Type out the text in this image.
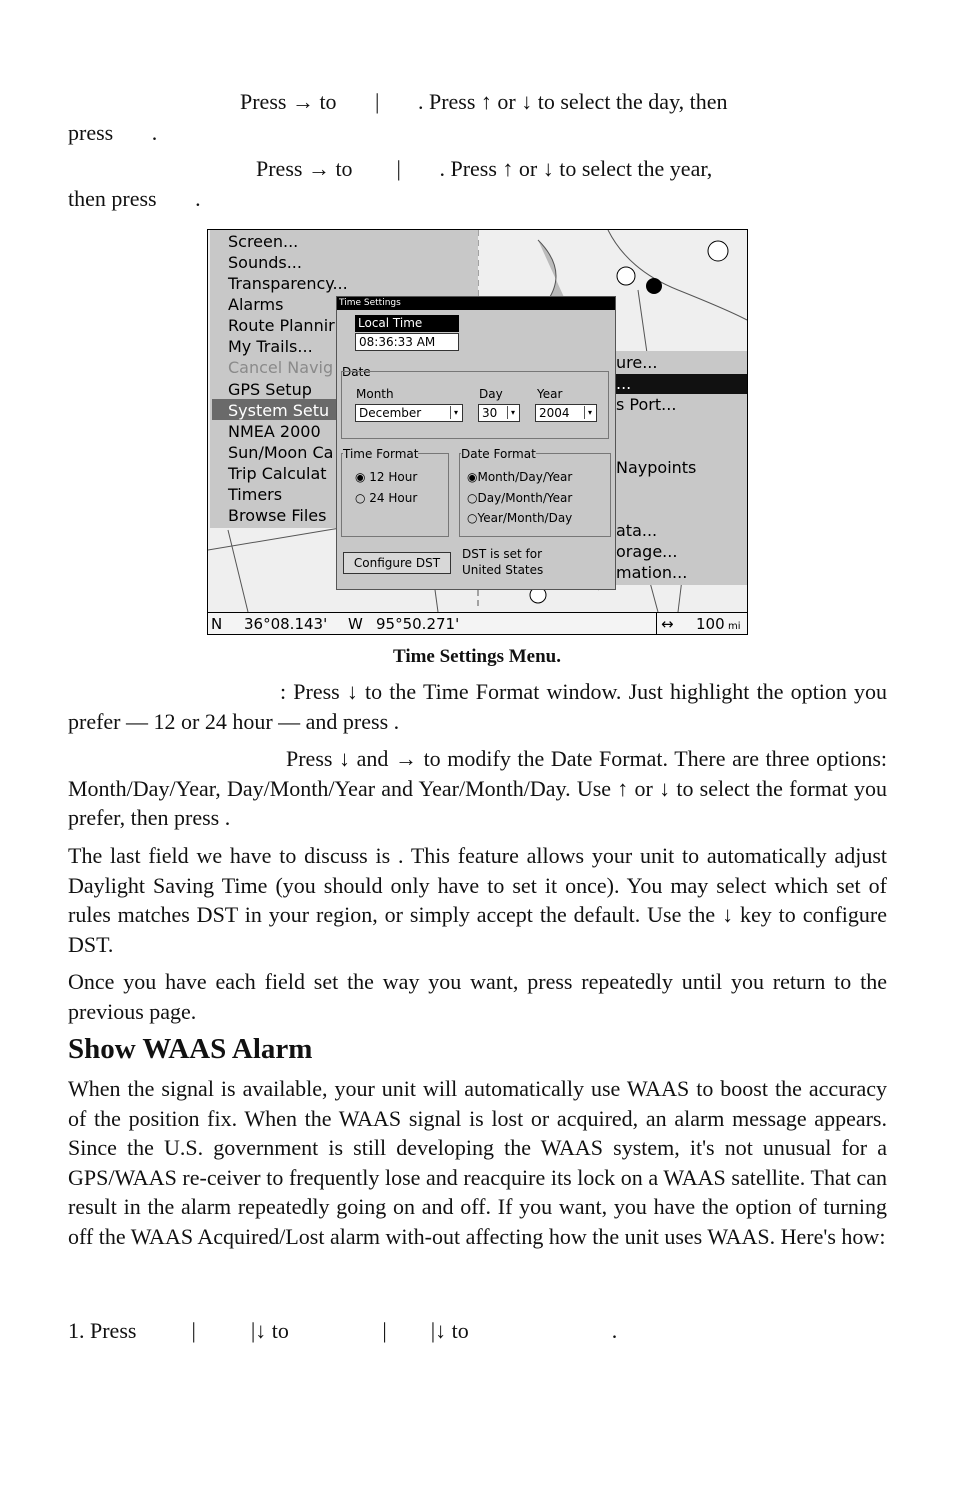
Press → to       |       . Press ↑ or ↓ to select the day, then
press       .
Press → to        |       . Press ↑ or ↓ to select the year,
then press       .
Screen...
Sounds...
Transparency...
Alarms
Route Plannir
My Trails...
Cancel Navig
GPS Setup
System Setu
NMEA 2000
Sun/Moon Ca
Trip Calculat
Timers
Browse Files
ure...
...
s Port...
Naypoints
ata...
orage...
mation...
Time Settings
Local Time
08:36:33 AM
Date
Month	Day	Year
December	▾	30	▾	2004	▾
Time Format
◉ 12 Hour
○ 24 Hour
Date Format
◉Month/Day/Year
○Day/Month/Year
○Year/Month/Day
Configure DST
DST is set for
United States
N 36°08.143' W 95°50.271'	↔ 100 mi
Time Settings Menu.
: Press ↓ to the Time Format window. Just highlight the option you prefer — 12 or 24 hour — and press .
Press ↓ and → to modify the Date Format. There are three options: Month/Day/Year, Day/Month/Year and Year/Month/Day. Use ↑ or ↓ to select the format you prefer, then press .
The last field we have to discuss is . This feature allows your unit to automatically adjust Daylight Saving Time (you should only have to set it once). You may select which set of rules matches DST in your region, or simply accept the default. Use the ↓ key to configure DST.
Once you have each field set the way you want, press repeatedly until you return to the previous page.
Show WAAS Alarm
When the signal is available, your unit will automatically use WAAS to boost the accuracy of the position fix. When the WAAS signal is lost or acquired, an alarm message appears. Since the U.S. government is still developing the WAAS system, it's not unusual for a GPS/WAAS re-ceiver to frequently lose and reacquire its lock on a WAAS satellite. That can result in the alarm repeatedly going on and off. If you want, you have the option of turning off the WAAS Acquired/Lost alarm with-out affecting how the unit uses WAAS. Here's how:
1. Press          |          |↓ to                 |        |↓ to                          .
